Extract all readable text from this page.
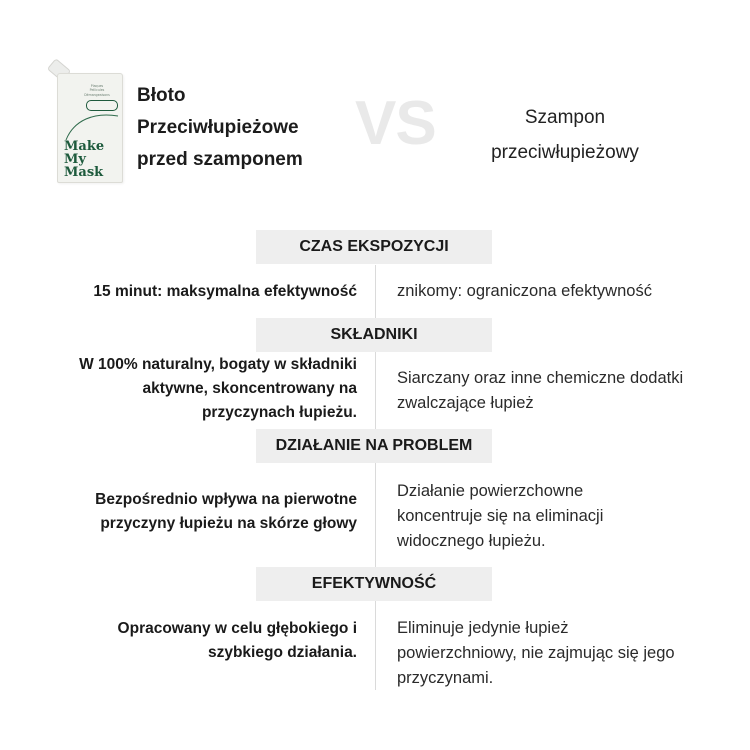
Plaques
Pellicules
Démangeaisons
Make
My
Mask
Błoto
Przeciwłupieżowe
przed szamponem
VS	Szampon
przeciwłupieżowy
CZAS EKSPOZYCJI
15 minut: maksymalna efektywność znikomy: ograniczona efektywność
SKŁADNIKI
W 100% naturalny, bogaty w składniki
aktywne, skoncentrowany na
przyczynach łupieżu.
Siarczany oraz inne chemiczne dodatki
zwalczające łupież
DZIAŁANIE NA PROBLEM
Bezpośrednio wpływa na pierwotne
przyczyny łupieżu na skórze głowy
Działanie powierzchowne
koncentruje się na eliminacji
widocznego łupieżu.
EFEKTYWNOŚĆ
Opracowany w celu głębokiego i
szybkiego działania.
Eliminuje jedynie łupież
powierzchniowy, nie zajmując się jego
przyczynami.
